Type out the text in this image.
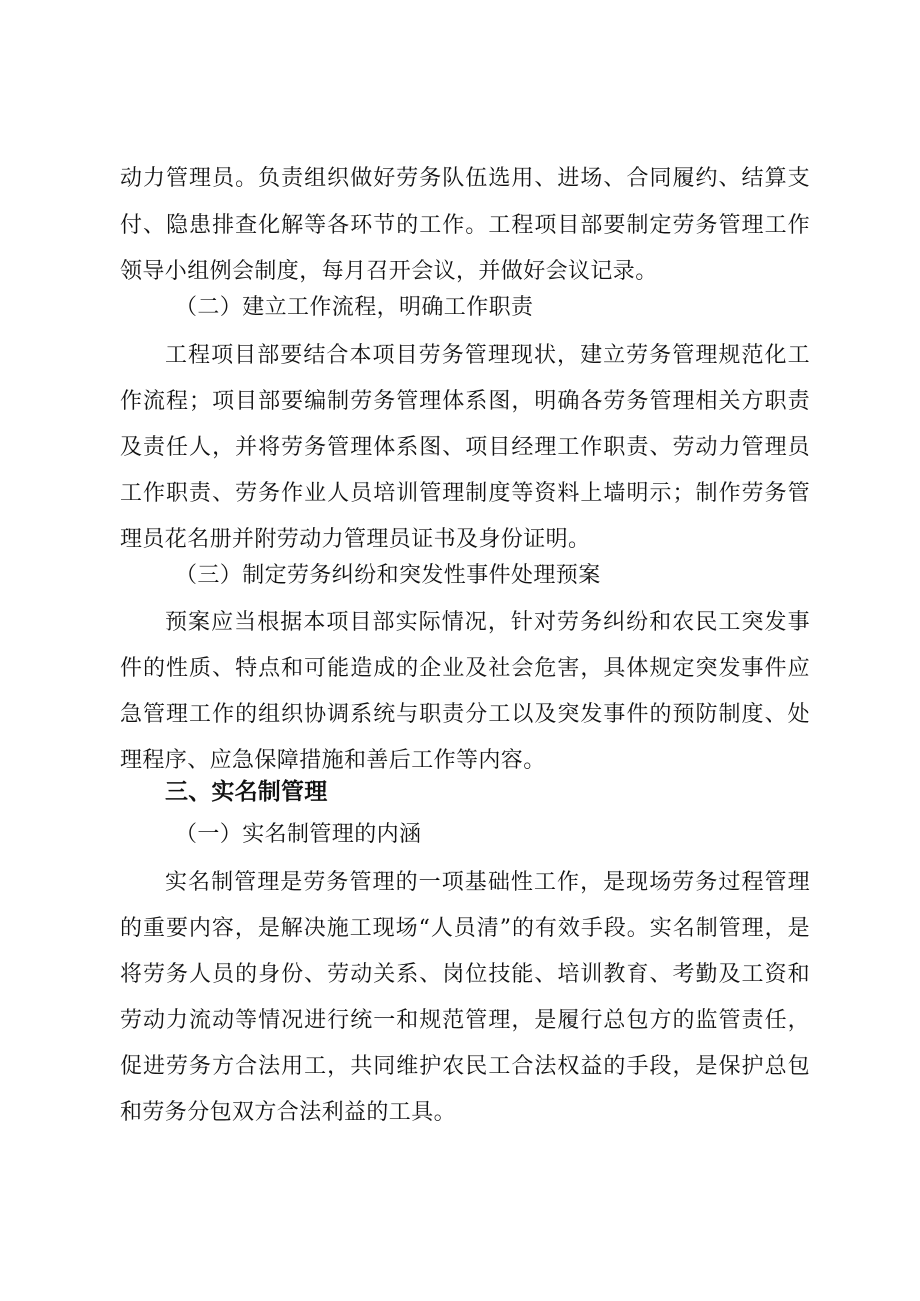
动力管理员。负责组织做好劳务队伍选用、进场、合同履约、结算支
付、隐患排查化解等各环节的工作。工程项目部要制定劳务管理工作
领导小组例会制度，每月召开会议，并做好会议记录。
（二）建立工作流程，明确工作职责
工程项目部要结合本项目劳务管理现状，建立劳务管理规范化工
作流程；项目部要编制劳务管理体系图，明确各劳务管理相关方职责
及责任人，并将劳务管理体系图、项目经理工作职责、劳动力管理员
工作职责、劳务作业人员培训管理制度等资料上墙明示；制作劳务管
理员花名册并附劳动力管理员证书及身份证明。
（三）制定劳务纠纷和突发性事件处理预案
预案应当根据本项目部实际情况，针对劳务纠纷和农民工突发事
件的性质、特点和可能造成的企业及社会危害，具体规定突发事件应
急管理工作的组织协调系统与职责分工以及突发事件的预防制度、处
理程序、应急保障措施和善后工作等内容。
三、实名制管理
（一）实名制管理的内涵
实名制管理是劳务管理的一项基础性工作，是现场劳务过程管理
的重要内容，是解决施工现场“人员清”的有效手段。实名制管理，是
将劳务人员的身份、劳动关系、岗位技能、培训教育、考勤及工资和
劳动力流动等情况进行统一和规范管理，是履行总包方的监管责任，
促进劳务方合法用工，共同维护农民工合法权益的手段，是保护总包
和劳务分包双方合法利益的工具。
